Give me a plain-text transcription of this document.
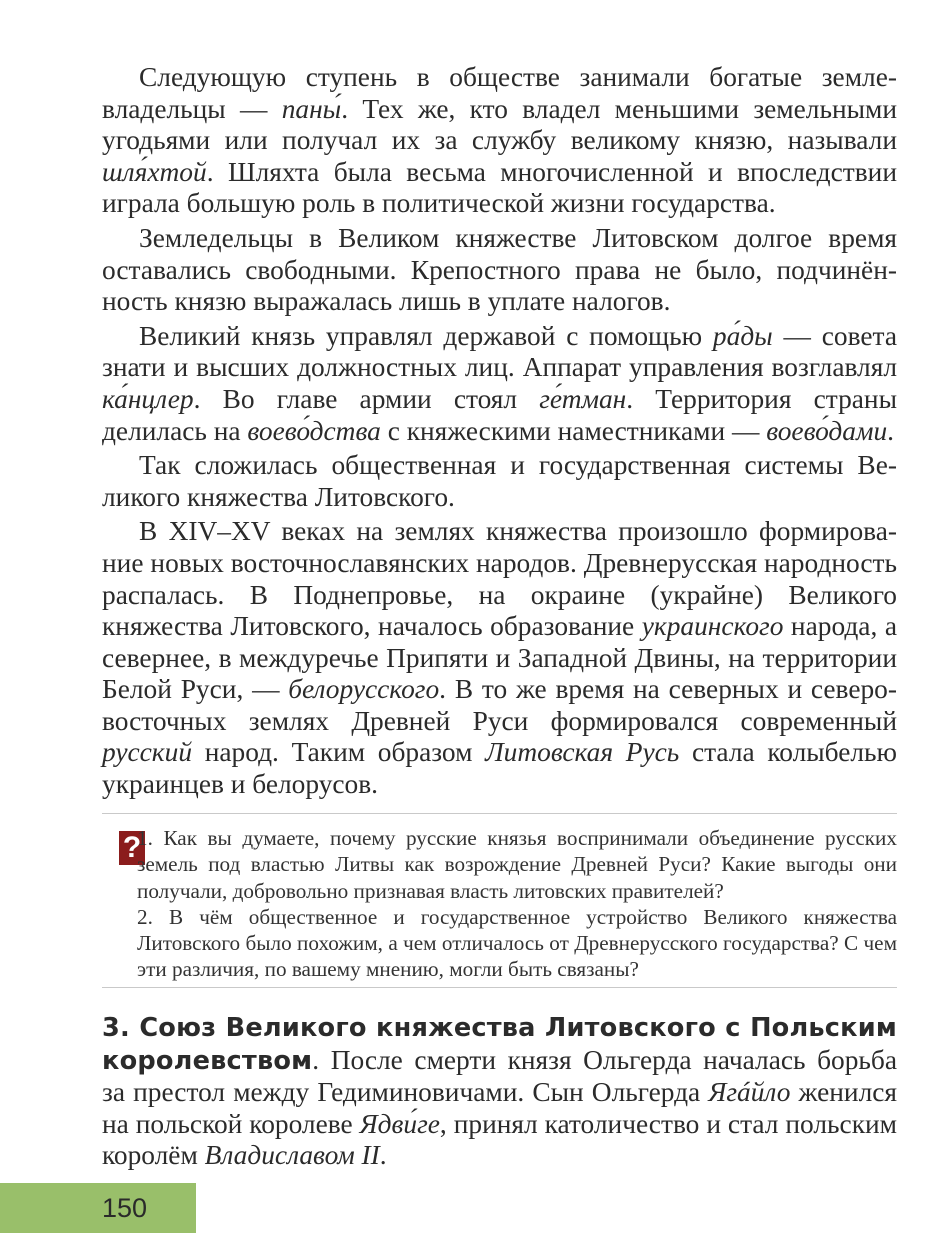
Следующую ступень в обществе занимали богатые землевладельцы — паны́. Тех же, кто владел меньшими земельными угодьями или получал их за службу великому князю, называли шля́хтой. Шляхта была весьма многочисленной и впоследствии играла большую роль в политической жизни государства.

Земледельцы в Великом княжестве Литовском долгое время оставались свободными. Крепостного права не было, подчинённость князю выражалась лишь в уплате налогов.

Великий князь управлял державой с помощью ра́ды — совета знати и высших должностных лиц. Аппарат управления возглавлял ка́нцлер. Во главе армии стоял ге́тман. Территория страны делилась на воево́дства с княжескими наместниками — воево́дами.

Так сложилась общественная и государственная системы Великого княжества Литовского.

В XIV–XV веках на землях княжества произошло формирование новых восточнославянских народов. Древнерусская народность распалась. В Поднепровье, на окраине (украйне) Великого княжества Литовского, началось образование украинского народа, а севернее, в междуречье Припяти и Западной Двины, на территории Белой Руси, — белорусского. В то же время на северных и северо-восточных землях Древней Руси формировался современный русский народ. Таким образом Литовская Русь стала колыбелью украинцев и белорусов.

?

1. Как вы думаете, почему русские князья воспринимали объединение русских земель под властью Литвы как возрождение Древней Руси? Какие выгоды они получали, добровольно признавая власть литовских правителей?

2. В чём общественное и государственное устройство Великого княжества Литовского было похожим, а чем отличалось от Древнерусского государства? С чем эти различия, по вашему мнению, могли быть связаны?

3. Союз Великого княжества Литовского с Польским королевством. После смерти князя Ольгерда началась борьба за престол между Гедиминовичами. Сын Ольгерда Ягáйло женился на польской королеве Ядви́ге, принял католичество и стал польским королём Владиславом II.

150
